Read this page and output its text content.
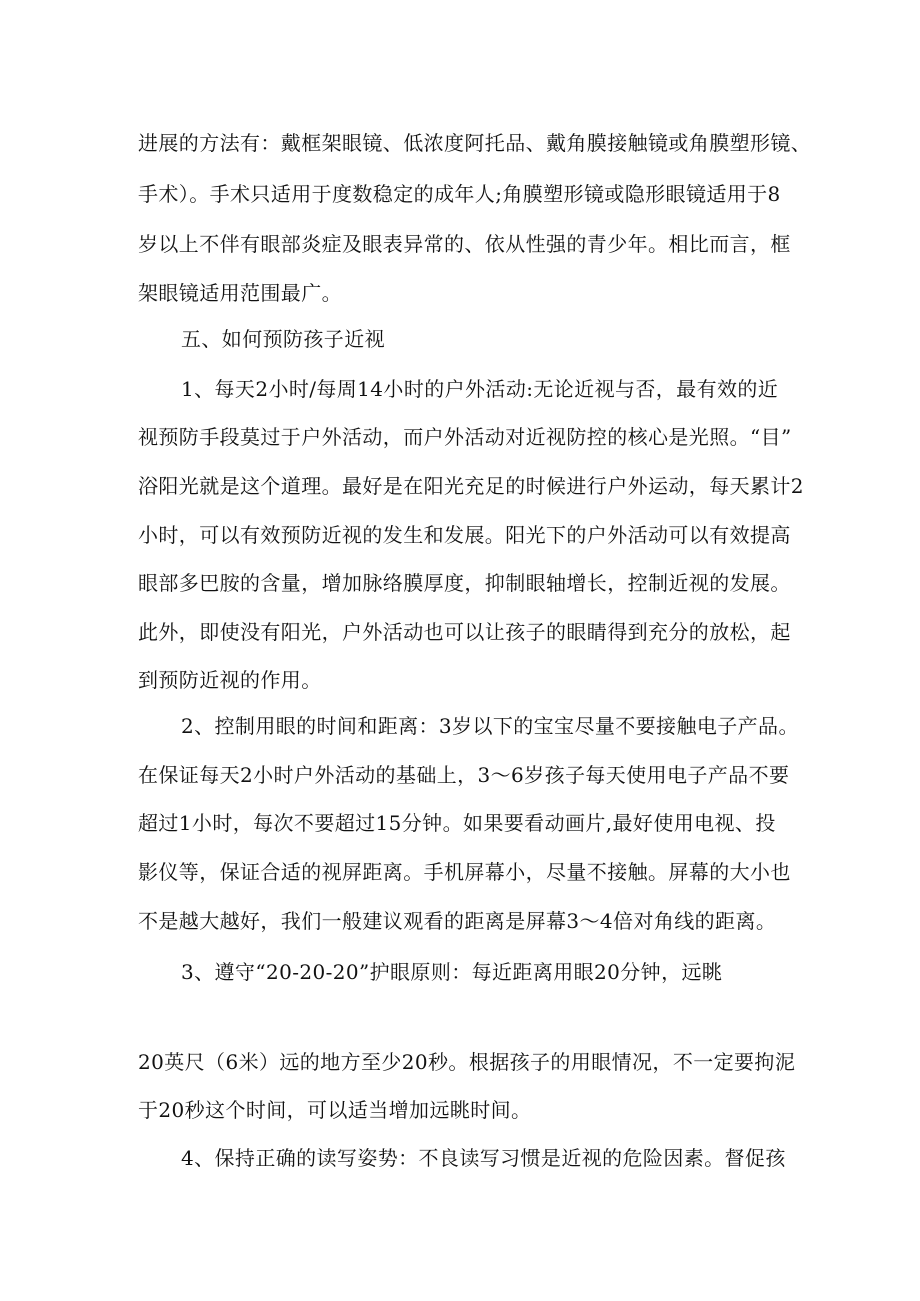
进展的方法有：戴框架眼镜、低浓度阿托品、戴角膜接触镜或角膜塑形镜、
手术）。手术只适用于度数稳定的成年人;角膜塑形镜或隐形眼镜适用于8
岁以上不伴有眼部炎症及眼表异常的、依从性强的青少年。相比而言，框
架眼镜适用范围最广。
五、如何预防孩子近视
1、每天2小时/每周14小时的户外活动:无论近视与否，最有效的近
视预防手段莫过于户外活动，而户外活动对近视防控的核心是光照。“目”
浴阳光就是这个道理。最好是在阳光充足的时候进行户外运动，每天累计2
小时，可以有效预防近视的发生和发展。阳光下的户外活动可以有效提高
眼部多巴胺的含量，增加脉络膜厚度，抑制眼轴增长，控制近视的发展。
此外，即使没有阳光，户外活动也可以让孩子的眼睛得到充分的放松，起
到预防近视的作用。
2、控制用眼的时间和距离：3岁以下的宝宝尽量不要接触电子产品。
在保证每天2小时户外活动的基础上，3～6岁孩子每天使用电子产品不要
超过1小时，每次不要超过15分钟。如果要看动画片,最好使用电视、投
影仪等，保证合适的视屏距离。手机屏幕小，尽量不接触。屏幕的大小也
不是越大越好，我们一般建议观看的距离是屏幕3～4倍对角线的距离。
3、遵守“20-20-20”护眼原则：每近距离用眼20分钟，远眺
20英尺（6米）远的地方至少20秒。根据孩子的用眼情况，不一定要拘泥
于20秒这个时间，可以适当增加远眺时间。
4、保持正确的读写姿势：不良读写习惯是近视的危险因素。督促孩
